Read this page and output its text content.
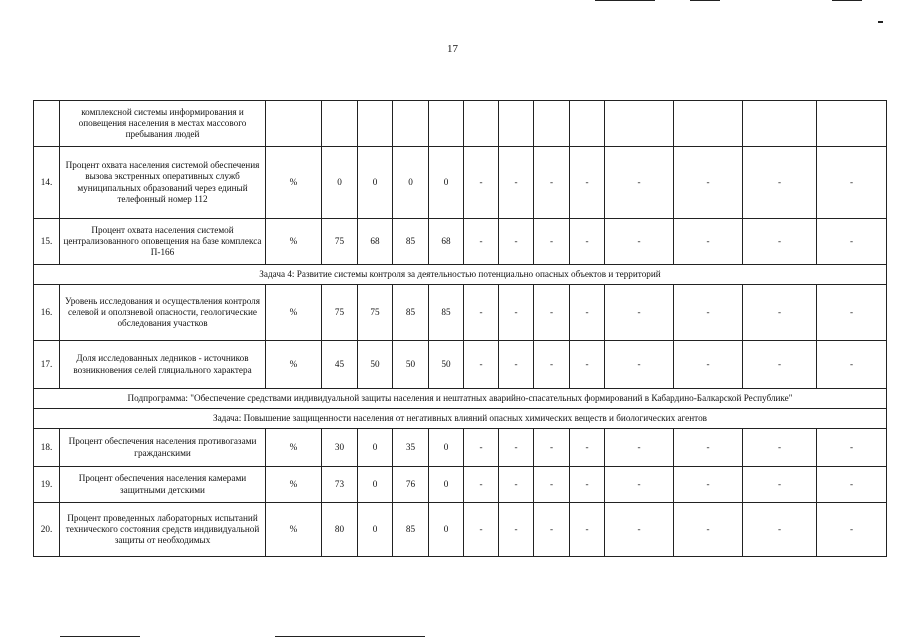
17
	комплексной системы информирования и оповещения населения в местах массового пребывания людей														
14.	Процент охвата населения системой обеспечения вызова экстренных оперативных служб муниципальных образований через единый телефонный номер 112	%	0	0	0	0	-	-	-	-	-	-	-	-	
15.	Процент охвата населения системой централизованного оповещения на базе комплекса П-166	%	75	68	85	68	-	-	-	-	-	-	-	-	
Задача 4: Развитие системы контроля за деятельностью потенциально опасных объектов и территорий															
16.	Уровень исследования и осуществления контроля селевой и оползневой опасности, геологические обследования участков	%	75	75	85	85	-	-	-	-	-	-	-	-	
17.	Доля исследованных ледников - источников возникновения селей гляциального характера	%	45	50	50	50	-	-	-	-	-	-	-	-	
Подпрограмма: "Обеспечение средствами индивидуальной защиты населения и нештатных аварийно-спасательных формирований в Кабардино-Балкарской Республике"															
Задача: Повышение защищенности населения от негативных влияний опасных химических веществ и биологических агентов															
18.	Процент обеспечения населения противогазами гражданскими	%	30	0	35	0	-	-	-	-	-	-	-	-	
19.	Процент обеспечения населения камерами защитными детскими	%	73	0	76	0	-	-	-	-	-	-	-	-	
20.	Процент проведенных лабораторных испытаний технического состояния средств индивидуальной защиты от необходимых	%	80	0	85	0	-	-	-	-	-	-	-	-	
